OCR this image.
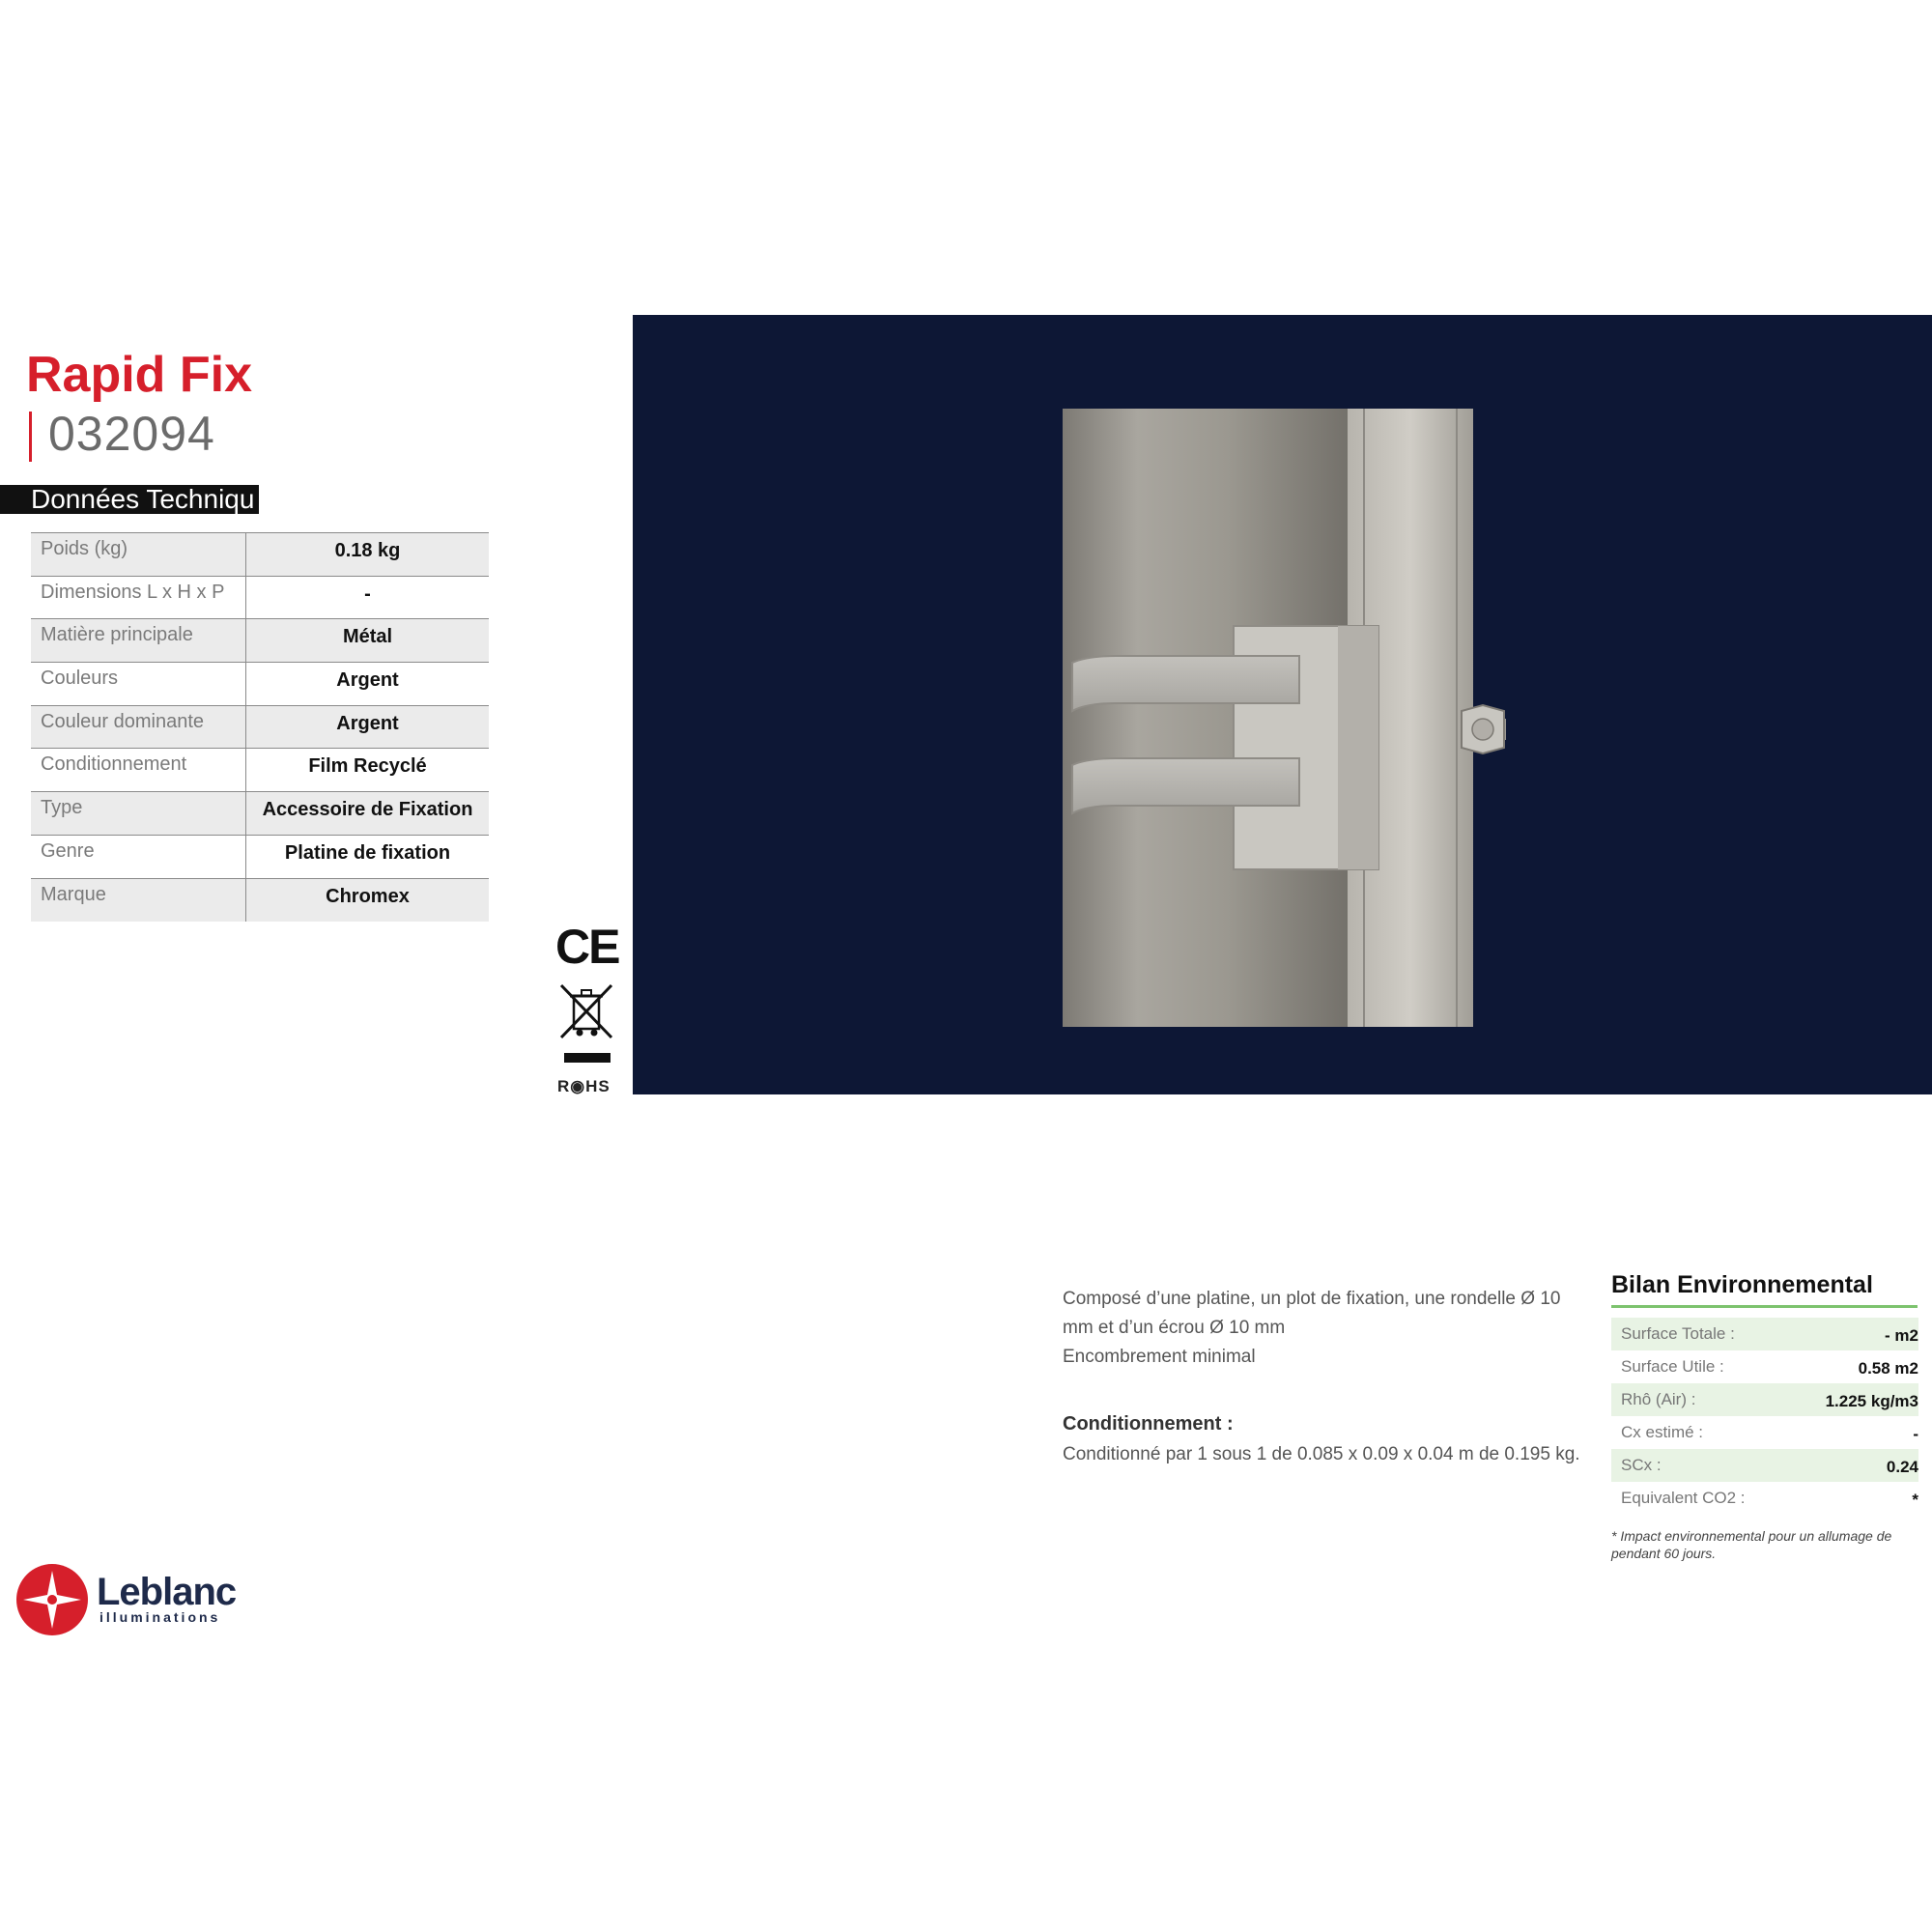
Rapid Fix
032094
Données Techniqu
Poids (kg)	0.18 kg
Dimensions L x H x P	-
Matière principale	Métal
Couleurs	Argent
Couleur dominante	Argent
Conditionnement	Film Recyclé
Type	Accessoire de Fixation
Genre	Platine de fixation
Marque	Chromex
CE
R◉HS

Composé d’une platine, un plot de fixation, une rondelle Ø 10 mm et d’un écrou Ø 10 mm

Encombrement minimal

Conditionnement :
Conditionné par 1 sous 1 de 0.085 x 0.09 x 0.04 m de 0.195 kg.
Bilan Environnemental
Surface Totale :	- m2
Surface Utile :	0.58 m2
Rhô (Air) :	1.225 kg/m3
Cx estimé :	-
SCx :	0.24
Equivalent CO2 :	*
* Impact environnemental pour un allumage de pendant 60 jours.
Leblanc
illuminations
